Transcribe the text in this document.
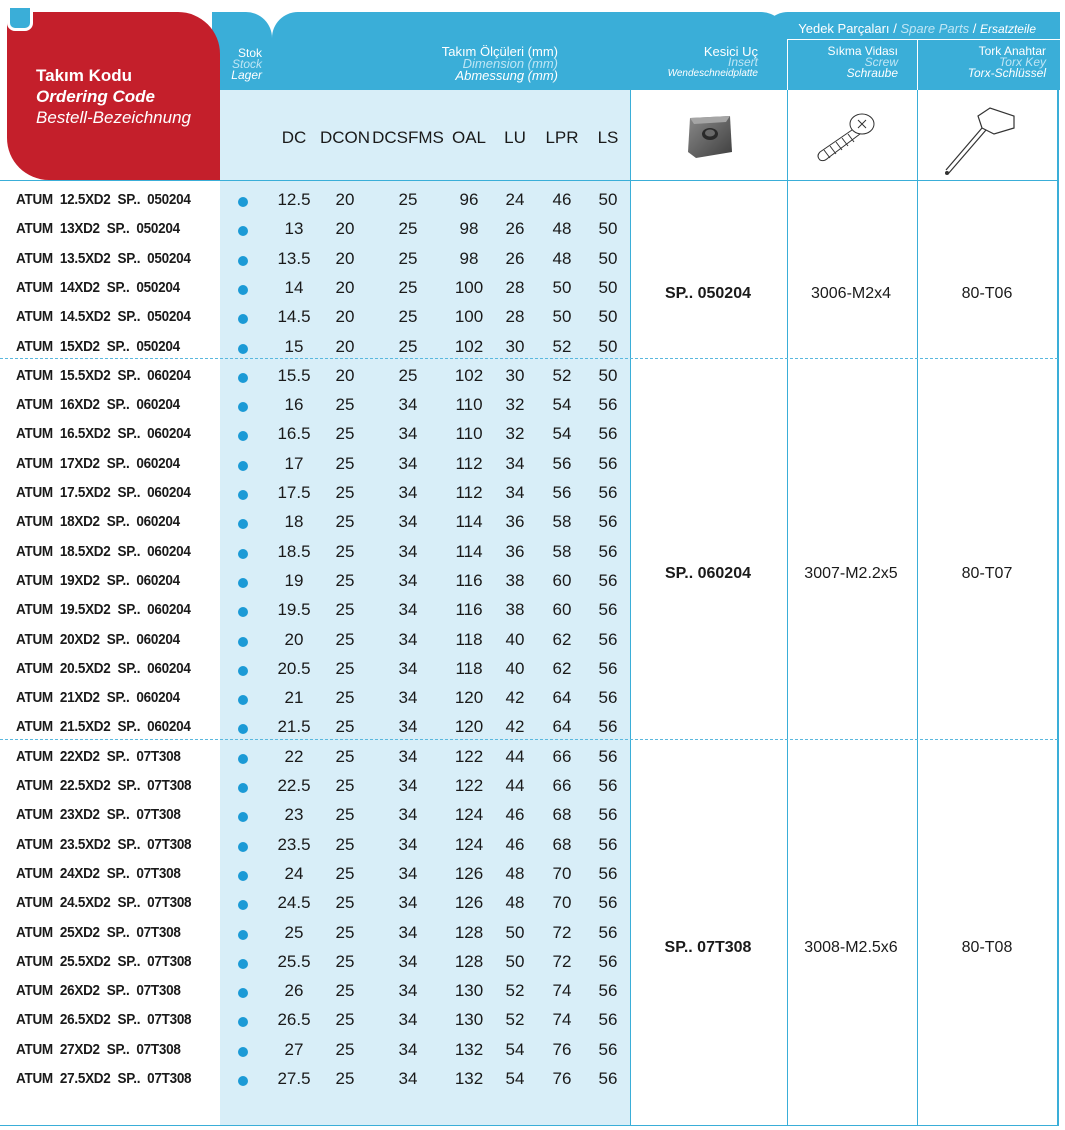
Takım Kodu
Ordering Code
Bestell-Bezeichnung
Stok
Stock
Lager
Takım Ölçüleri (mm)
Dimension (mm)
Abmessung (mm)
Kesici Uç
Insert
Wendeschneidplatte
Yedek Parçaları / Spare Parts / Ersatzteile
Sıkma Vidası
Screw
Schraube
Tork Anahtar
Torx Key
Torx-Schlüssel
DC DCON DCSFMS OAL LU LPR LS
ATUM  12.5XD2  SP..  050204	12.5 20	25 96 24 46 50
ATUM  13XD2  SP..  050204	13 20	25 98 26 48 50
ATUM  13.5XD2  SP..  050204	13.5 20	25 98 26 48 50
ATUM  14XD2  SP..  050204	14 20	25 100 28 50 50
ATUM  14.5XD2  SP..  050204	14.5 20	25 100 28 50 50
ATUM  15XD2  SP..  050204	15 20	25 102 30 52 50
ATUM  15.5XD2  SP..  060204	15.5 20	25 102 30 52 50
ATUM  16XD2  SP..  060204	16 25	34 110 32 54 56
ATUM  16.5XD2  SP..  060204	16.5 25	34 110 32 54 56
ATUM  17XD2  SP..  060204	17 25	34 112 34 56 56
ATUM  17.5XD2  SP..  060204	17.5 25	34 112 34 56 56
ATUM  18XD2  SP..  060204	18 25	34 114 36 58 56
ATUM  18.5XD2  SP..  060204	18.5 25	34 114 36 58 56
ATUM  19XD2  SP..  060204	19 25	34 116 38 60 56
ATUM  19.5XD2  SP..  060204	19.5 25	34 116 38 60 56
ATUM  20XD2  SP..  060204	20 25	34 118 40 62 56
ATUM  20.5XD2  SP..  060204	20.5 25	34 118 40 62 56
ATUM  21XD2  SP..  060204	21 25	34 120 42 64 56
ATUM  21.5XD2  SP..  060204	21.5 25	34 120 42 64 56
ATUM  22XD2  SP..  07T308	22 25	34 122 44 66 56
ATUM  22.5XD2  SP..  07T308	22.5 25	34 122 44 66 56
ATUM  23XD2  SP..  07T308	23 25	34 124 46 68 56
ATUM  23.5XD2  SP..  07T308	23.5 25	34 124 46 68 56
ATUM  24XD2  SP..  07T308	24 25	34 126 48 70 56
ATUM  24.5XD2  SP..  07T308	24.5 25	34 126 48 70 56
ATUM  25XD2  SP..  07T308	25 25	34 128 50 72 56
ATUM  25.5XD2  SP..  07T308	25.5 25	34 128 50 72 56
ATUM  26XD2  SP..  07T308	26 25	34 130 52 74 56
ATUM  26.5XD2  SP..  07T308	26.5 25	34 130 52 74 56
ATUM  27XD2  SP..  07T308	27 25	34 132 54 76 56
ATUM  27.5XD2  SP..  07T308	27.5 25	34 132 54 76 56
SP.. 050204	3006-M2x4	80-T06
SP.. 060204	3007-M2.2x5	80-T07
SP.. 07T308	3008-M2.5x6	80-T08
